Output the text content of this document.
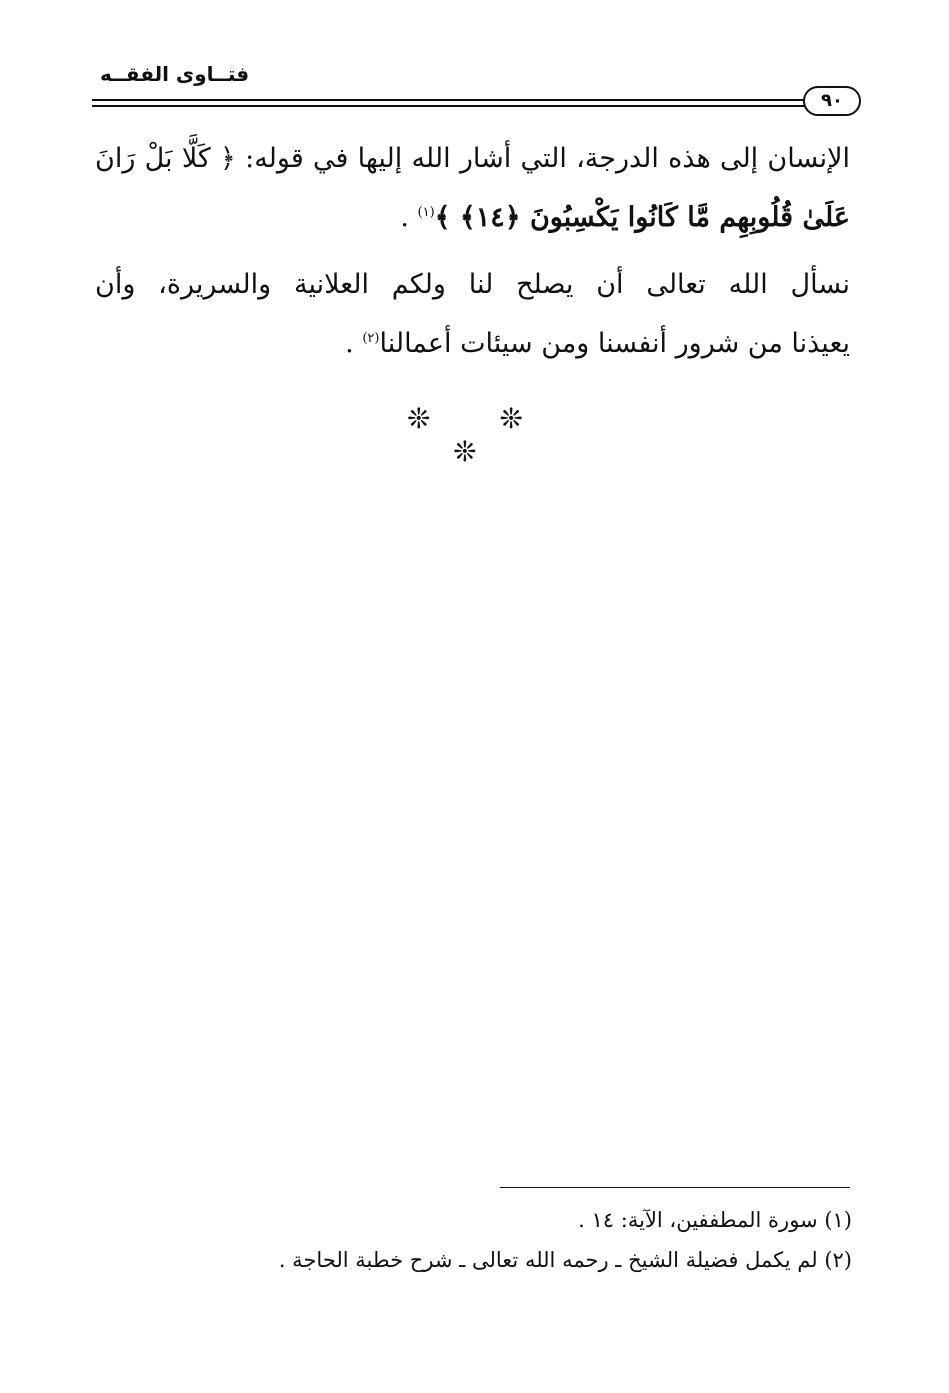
فتــاوى الفقــه
٩٠
الإنسان إلى هذه الدرجة، التي أشار الله إليها في قوله: ﴿ كَلَّا بَلْ رَانَ
عَلَىٰ قُلُوبِهِم مَّا كَانُوا يَكْسِبُونَ ﴿١٤﴾ ﴾$^{(١)}$ .
نسأل الله تعالى أن يصلح لنا ولكم العلانية والسريرة، وأن
يعيذنا من شرور أنفسنا ومن سيئات أعمالنا$^{(٢)}$ .
❊ ❊ ❊
(١) سورة المطففين، الآية: ١٤ .
(٢) لم يكمل فضيلة الشيخ ـ رحمه الله تعالى ـ شرح خطبة الحاجة .
